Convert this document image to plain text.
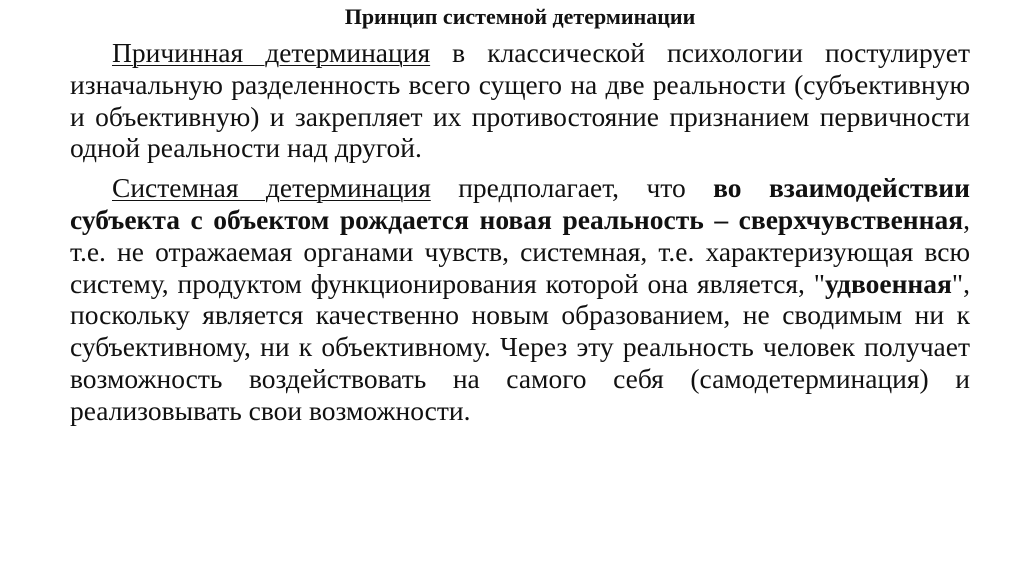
Принцип системной детерминации

Причинная детерминация в классической психологии постулирует изначальную разделенность всего сущего на две реальности (субъективную и объективную) и закрепляет их противостояние признанием первичности одной реальности над другой.

Системная детерминация предполагает, что во взаимодействии субъекта с объектом рождается новая реальность – сверхчувственная, т.е. не отражаемая органами чувств, системная, т.е. характеризующая всю систему, продуктом функционирования которой она является, "удвоенная", поскольку является качественно новым образованием, не сводимым ни к субъективному, ни к объективному. Через эту реальность человек получает возможность воздействовать на самого себя (самодетерминация) и реализовывать свои возможности.
